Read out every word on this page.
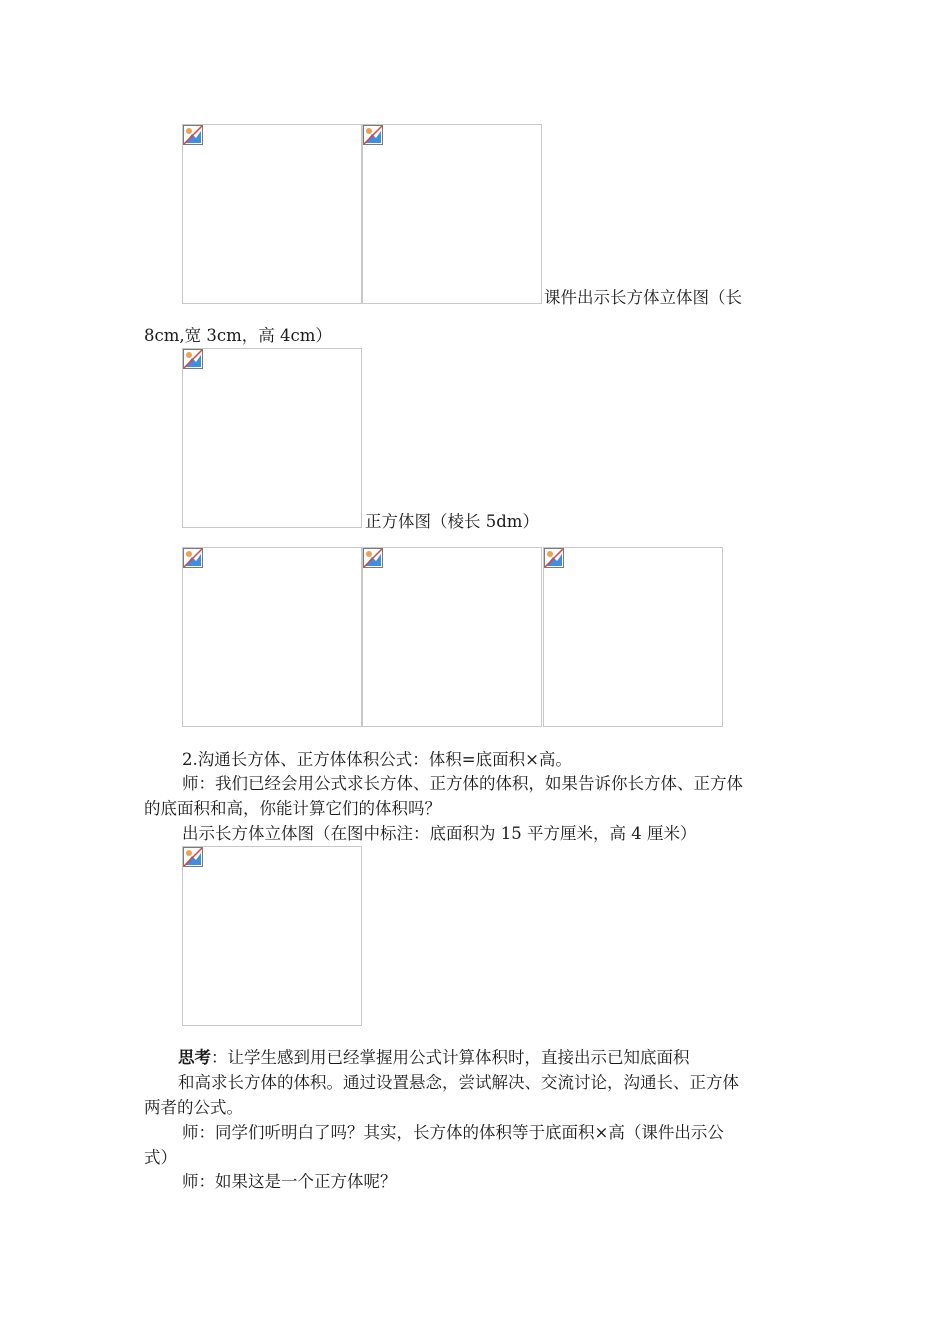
课件出示长方体立体图（长
8cm,宽 3cm，高 4cm）
正方体图（棱长 5dm）
2.沟通长方体、正方体体积公式：体积=底面积×高。
师：我们已经会用公式求长方体、正方体的体积，如果告诉你长方体、正方体
的底面积和高，你能计算它们的体积吗？
出示长方体立体图（在图中标注：底面积为 15 平方厘米，高 4 厘米）
思考：让学生感到用已经掌握用公式计算体积时，直接出示已知底面积
和高求长方体的体积。通过设置悬念，尝试解决、交流讨论，沟通长、正方体
两者的公式。
师：同学们听明白了吗？其实，长方体的体积等于底面积×高（课件出示公
式）
师：如果这是一个正方体呢？
